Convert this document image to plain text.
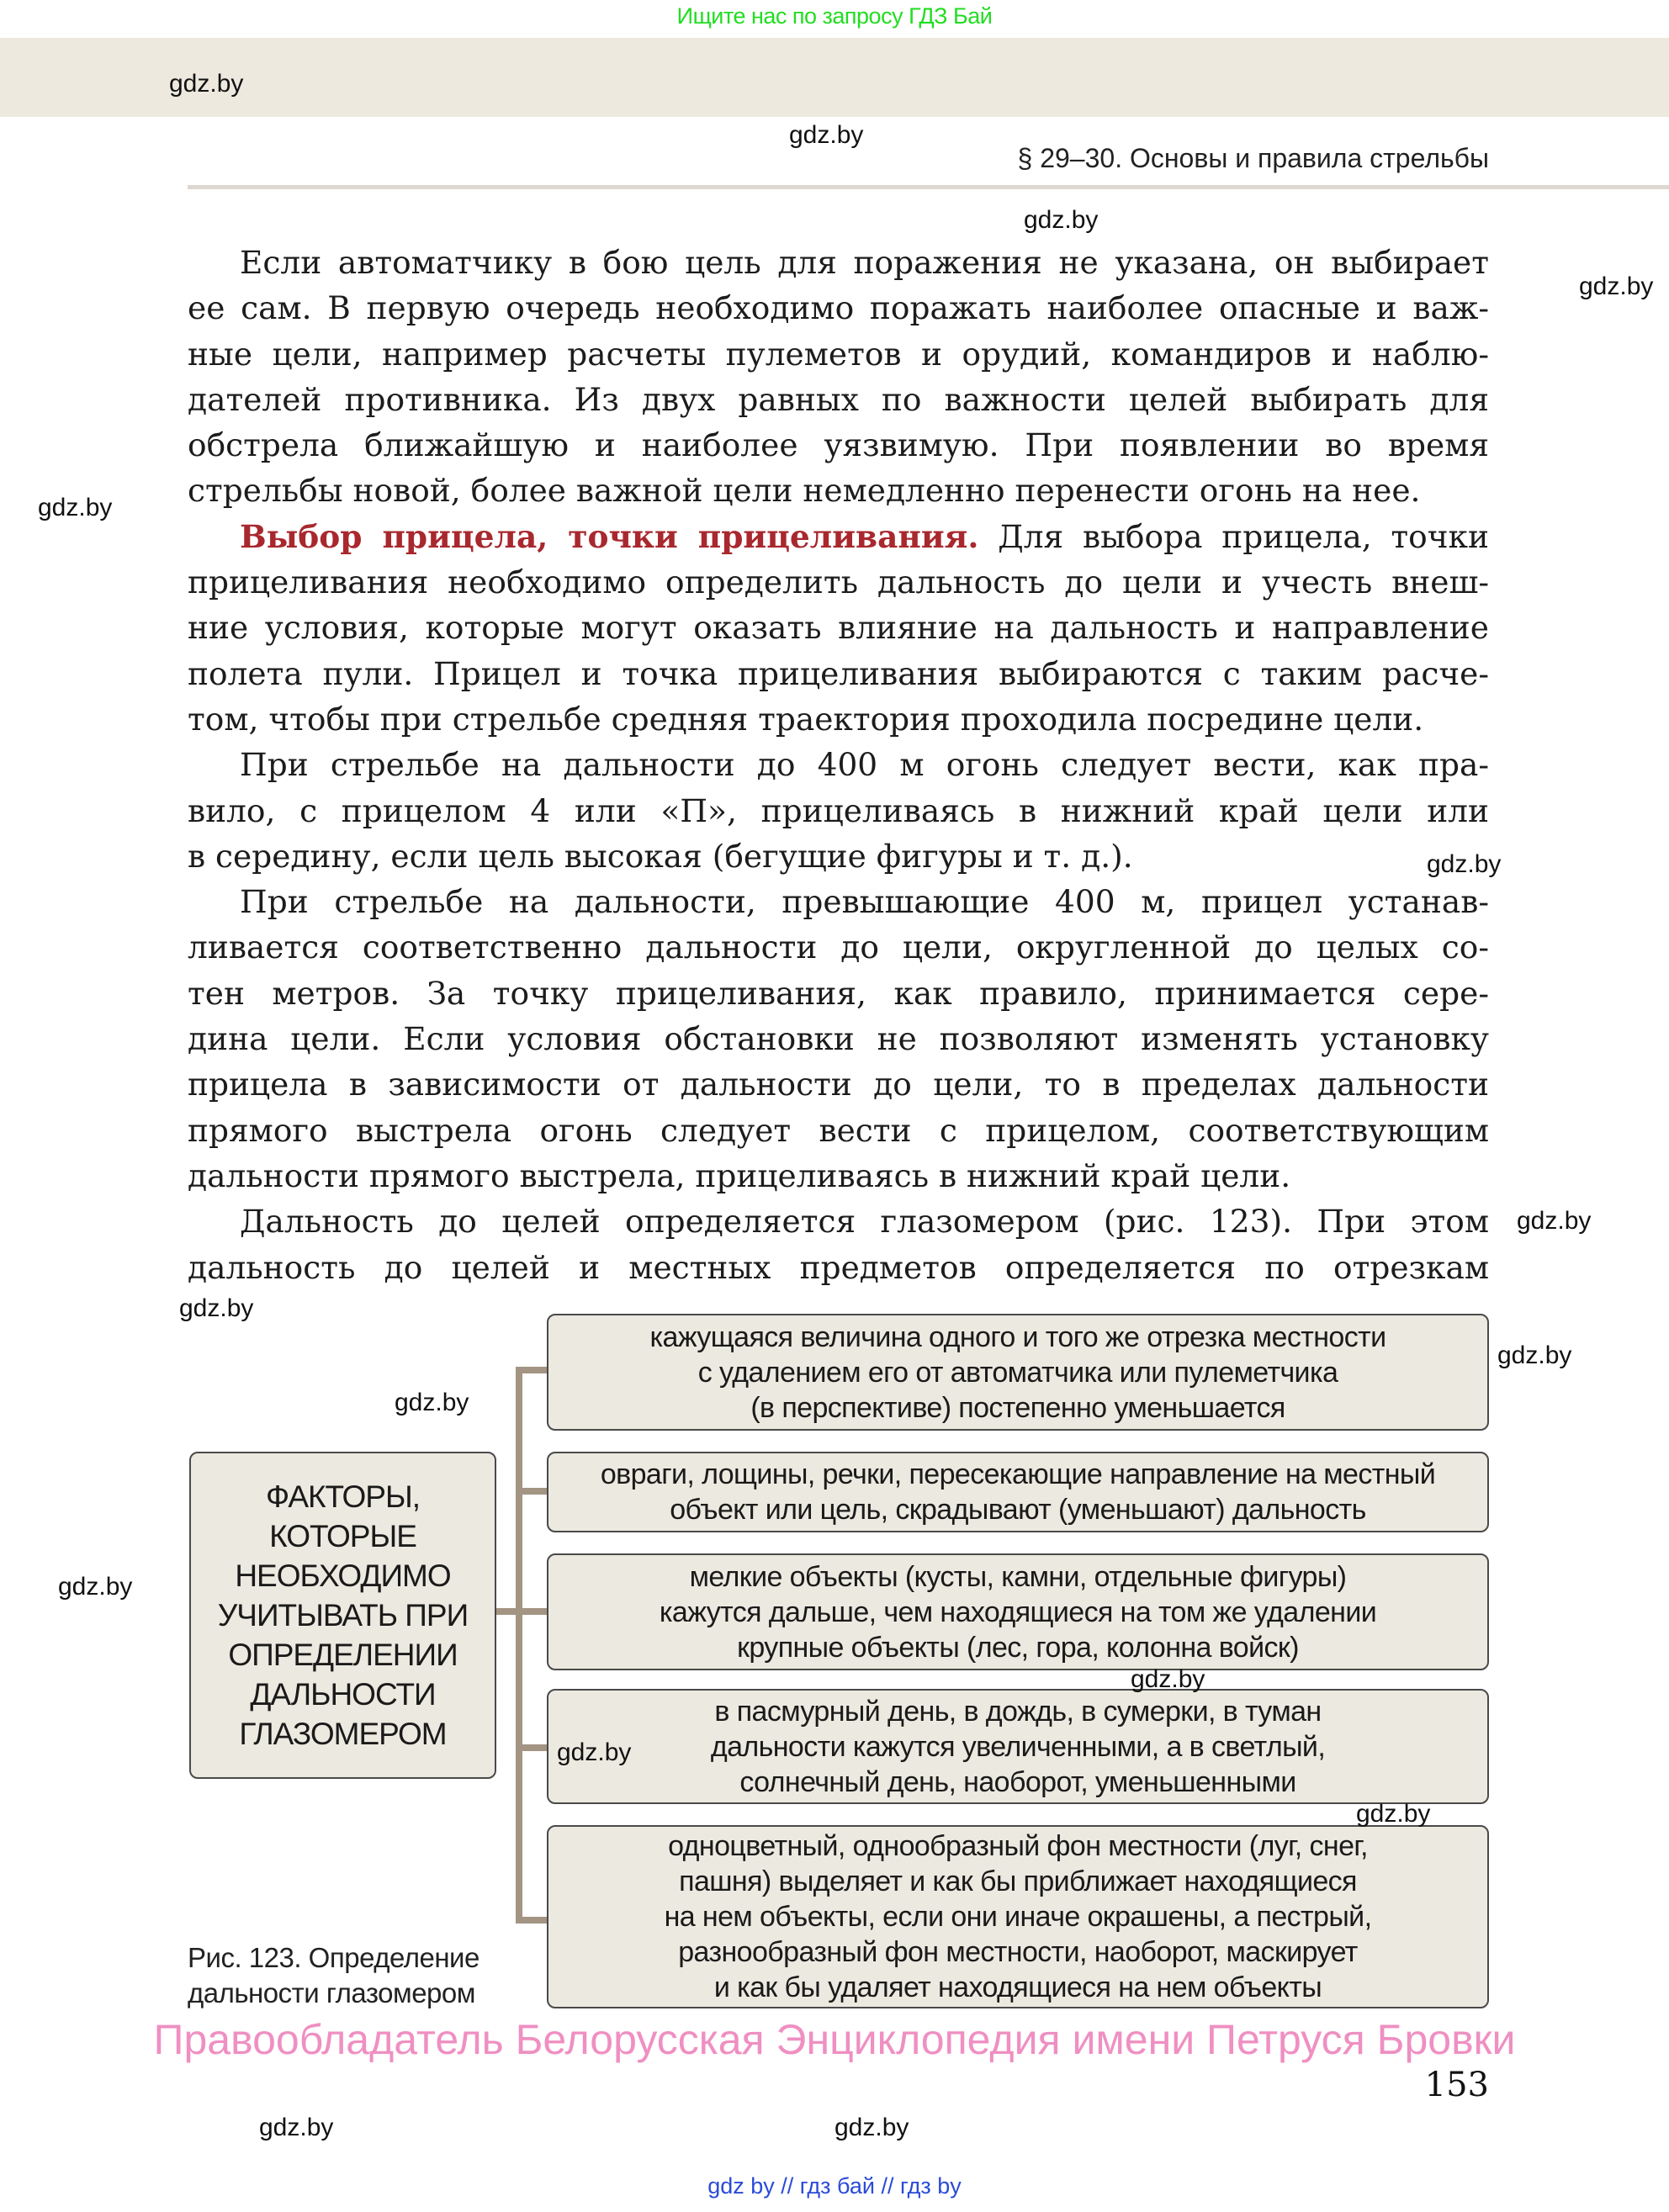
Ищите нас по запросу ГДЗ Бай
§ 29–30. Основы и правила стрельбы
Если автоматчику в бою цель для поражения не указана, он выбирает
ее сам. В первую очередь необходимо поражать наиболее опасные и важ-
ные цели, например расчеты пулеметов и орудий, командиров и наблю-
дателей противника. Из двух равных по важности целей выбирать для
обстрела ближайшую и наиболее уязвимую. При появлении во время
стрельбы новой, более важной цели немедленно перенести огонь на нее.
Выбор прицела, точки прицеливания. Для выбора прицела, точки
прицеливания необходимо определить дальность до цели и учесть внеш-
ние условия, которые могут оказать влияние на дальность и направление
полета пули. Прицел и точка прицеливания выбираются с таким расче-
том, чтобы при стрельбе средняя траектория проходила посредине цели.
При стрельбе на дальности до 400 м огонь следует вести, как пра-
вило, с прицелом 4 или «П», прицеливаясь в нижний край цели или
в середину, если цель высокая (бегущие фигуры и т. д.).
При стрельбе на дальности, превышающие 400 м, прицел устанав-
ливается соответственно дальности до цели, округленной до целых со-
тен метров. За точку прицеливания, как правило, принимается сере-
дина цели. Если условия обстановки не позволяют изменять установку
прицела в зависимости от дальности до цели, то в пределах дальности
прямого выстрела огонь следует вести с прицелом, соответствующим
дальности прямого выстрела, прицеливаясь в нижний край цели.
Дальность до целей определяется глазомером (рис. 123). При этом
дальность до целей и местных предметов определяется по отрезкам
ФАКТОРЫ,
КОТОРЫЕ
НЕОБХОДИМО
УЧИТЫВАТЬ ПРИ
ОПРЕДЕЛЕНИИ
ДАЛЬНОСТИ
ГЛАЗОМЕРОМ
кажущаяся величина одного и того же отрезка местности
с удалением его от автоматчика или пулеметчика
(в перспективе) постепенно уменьшается
овраги, лощины, речки, пересекающие направление на местный
объект или цель, скрадывают (уменьшают) дальность
мелкие объекты (кусты, камни, отдельные фигуры)
кажутся дальше, чем находящиеся на том же удалении
крупные объекты (лес, гора, колонна войск)
в пасмурный день, в дождь, в сумерки, в туман
дальности кажутся увеличенными, а в светлый,
солнечный день, наоборот, уменьшенными
одноцветный, однообразный фон местности (луг, снег,
пашня) выделяет и как бы приближает находящиеся
на нем объекты, если они иначе окрашены, а пестрый,
разнообразный фон местности, наоборот, маскирует
и как бы удаляет находящиеся на нем объекты
Рис. 123. Определение
дальности глазомером
Правообладатель Белорусская Энциклопедия имени Петруся Бровки
153
gdz by // гдз бай // гдз by
gdz.by
gdz.by
gdz.by
gdz.by
gdz.by
gdz.by
gdz.by
gdz.by
gdz.by
gdz.by
gdz.by
gdz.by
gdz.by
gdz.by
gdz.by
gdz.by
